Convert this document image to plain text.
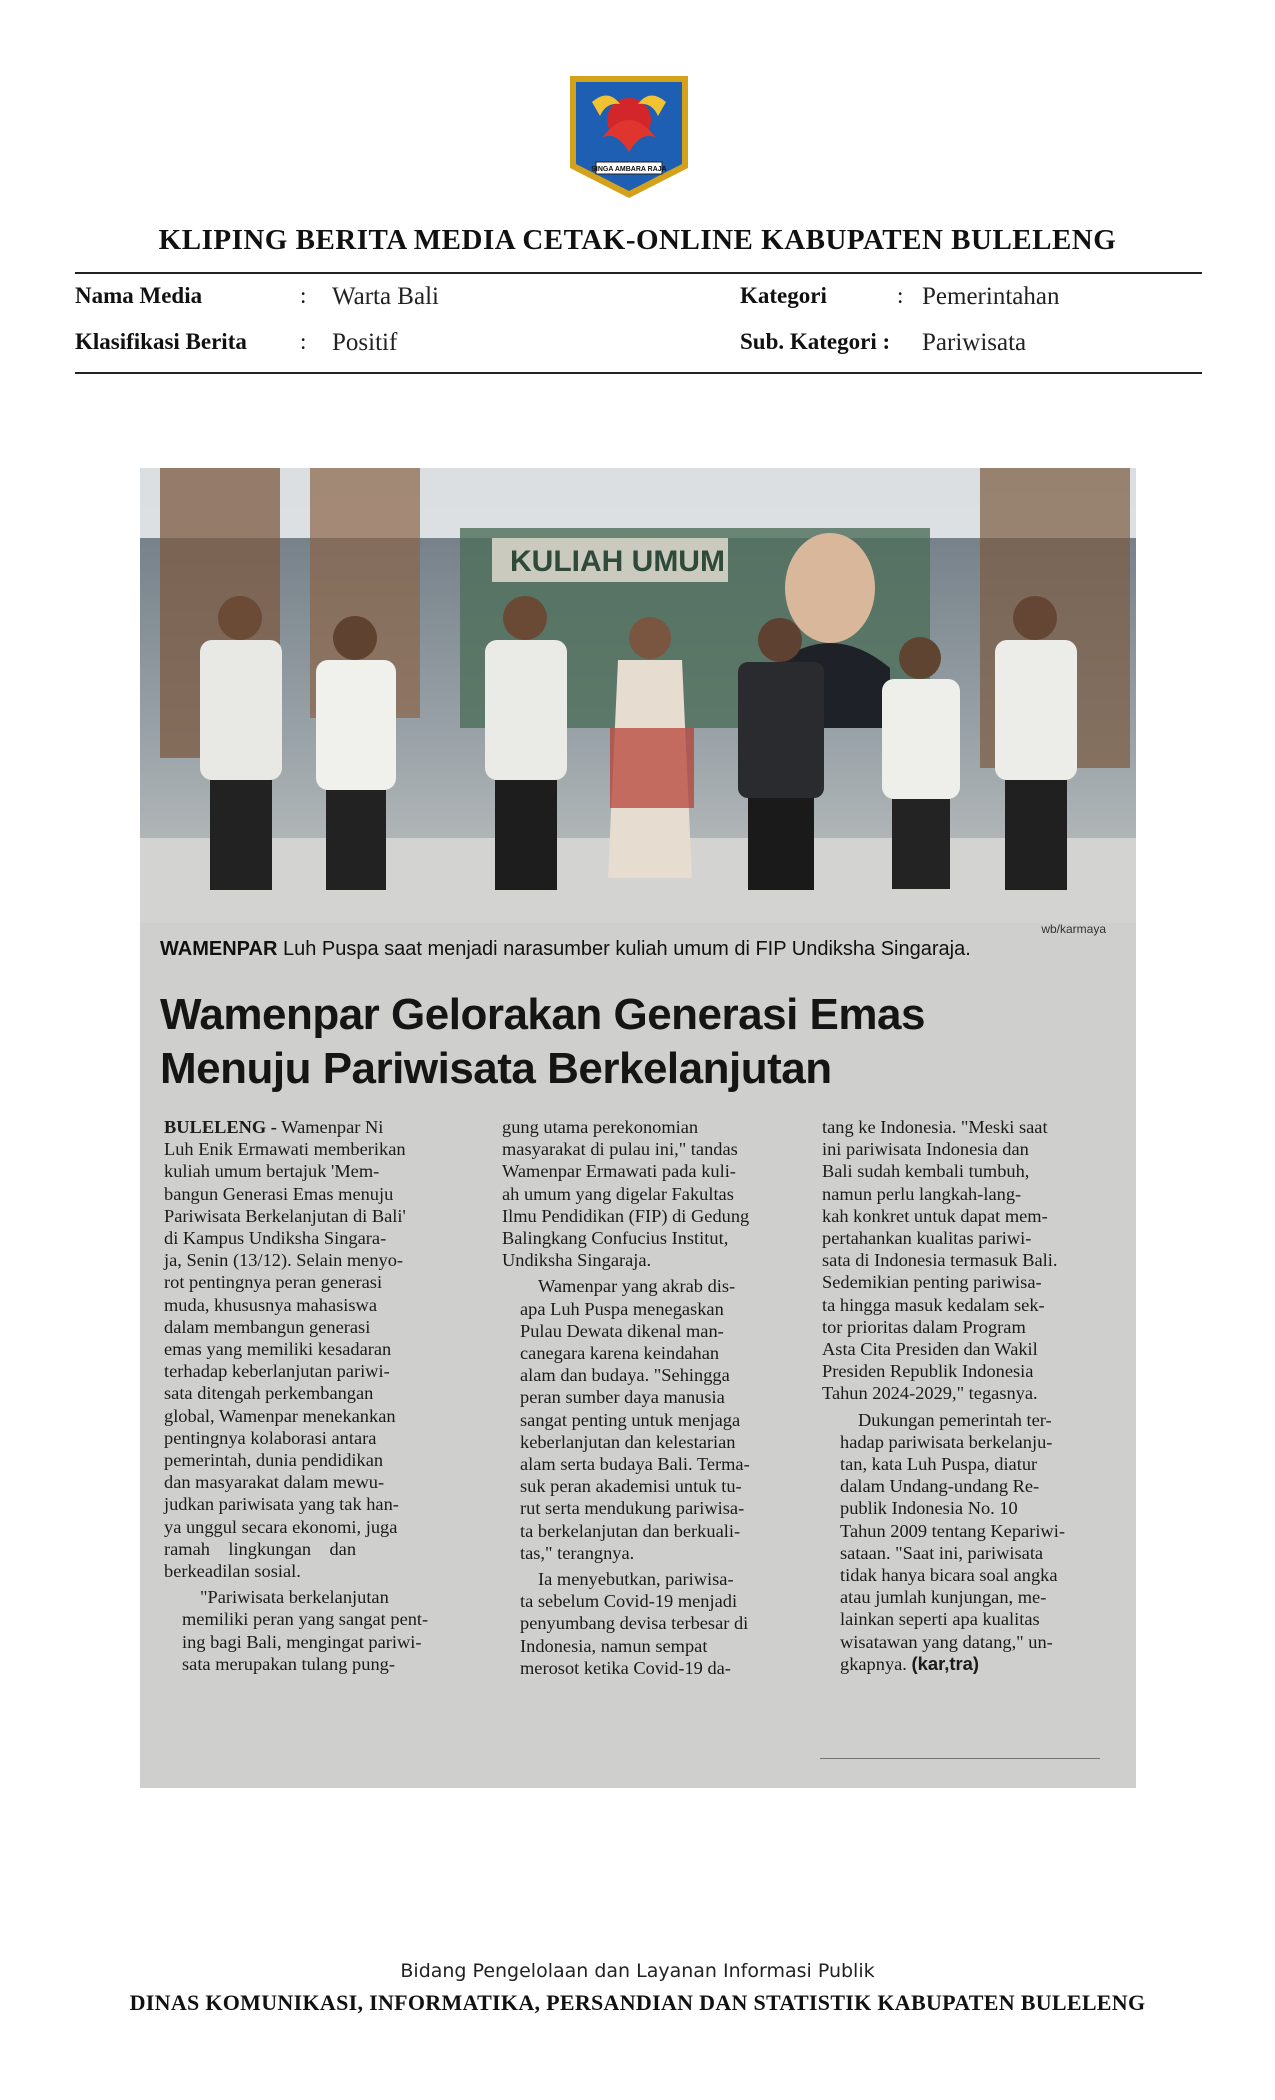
SINGA AMBARA RAJA
KLIPING BERITA MEDIA CETAK-ONLINE KABUPATEN BULELENG
Nama Media	: Warta Bali
Klasifikasi Berita : Positif
Kategori	: Pemerintahan
Sub. Kategori : Pariwisata
KULIAH UMUM
wb/karmaya
WAMENPAR Luh Puspa saat menjadi narasumber kuliah umum di FIP Undiksha Singaraja.
Wamenpar Gelorakan Generasi Emas
Menuju Pariwisata Berkelanjutan

BULELENG - Wamenpar Ni
Luh Enik Ermawati memberikan
kuliah umum bertajuk 'Mem-
bangun Generasi Emas menuju
Pariwisata Berkelanjutan di Bali'
di Kampus Undiksha Singara-
ja, Senin (13/12). Selain menyo-
rot pentingnya peran generasi
muda, khususnya mahasiswa
dalam membangun generasi
emas yang memiliki kesadaran
terhadap keberlanjutan pariwi-
sata ditengah perkembangan
global, Wamenpar menekankan
pentingnya kolaborasi antara
pemerintah, dunia pendidikan
dan masyarakat dalam mewu-
judkan pariwisata yang tak han-
ya unggul secara ekonomi, juga
ramah    lingkungan    dan
berkeadilan sosial.

"Pariwisata berkelanjutan
memiliki peran yang sangat pent-
ing bagi Bali, mengingat pariwi-
sata merupakan tulang pung-

gung utama perekonomian
masyarakat di pulau ini," tandas
Wamenpar Ermawati pada kuli-
ah umum yang digelar Fakultas
Ilmu Pendidikan (FIP) di Gedung
Balingkang Confucius Institut,
Undiksha Singaraja.

Wamenpar yang akrab dis-
apa Luh Puspa menegaskan
Pulau Dewata dikenal man-
canegara karena keindahan
alam dan budaya. "Sehingga
peran sumber daya manusia
sangat penting untuk menjaga
keberlanjutan dan kelestarian
alam serta budaya Bali. Terma-
suk peran akademisi untuk tu-
rut serta mendukung pariwisa-
ta berkelanjutan dan berkuali-
tas," terangnya.

Ia menyebutkan, pariwisa-
ta sebelum Covid-19 menjadi
penyumbang devisa terbesar di
Indonesia, namun sempat
merosot ketika Covid-19 da-

tang ke Indonesia. "Meski saat
ini pariwisata Indonesia dan
Bali sudah kembali tumbuh,
namun perlu langkah-lang-
kah konkret untuk dapat mem-
pertahankan kualitas pariwi-
sata di Indonesia termasuk Bali.
Sedemikian penting pariwisa-
ta hingga masuk kedalam sek-
tor prioritas dalam Program
Asta Cita Presiden dan Wakil
Presiden Republik Indonesia
Tahun 2024-2029," tegasnya.

Dukungan pemerintah ter-
hadap pariwisata berkelanju-
tan, kata Luh Puspa, diatur
dalam Undang-undang Re-
publik Indonesia No. 10
Tahun 2009 tentang Kepariwi-
sataan. "Saat ini, pariwisata
tidak hanya bicara soal angka
atau jumlah kunjungan, me-
lainkan seperti apa kualitas
wisatawan yang datang," un-
gkapnya. (kar,tra)

Bidang Pengelolaan dan Layanan Informasi Publik
DINAS KOMUNIKASI, INFORMATIKA, PERSANDIAN DAN STATISTIK KABUPATEN BULELENG
